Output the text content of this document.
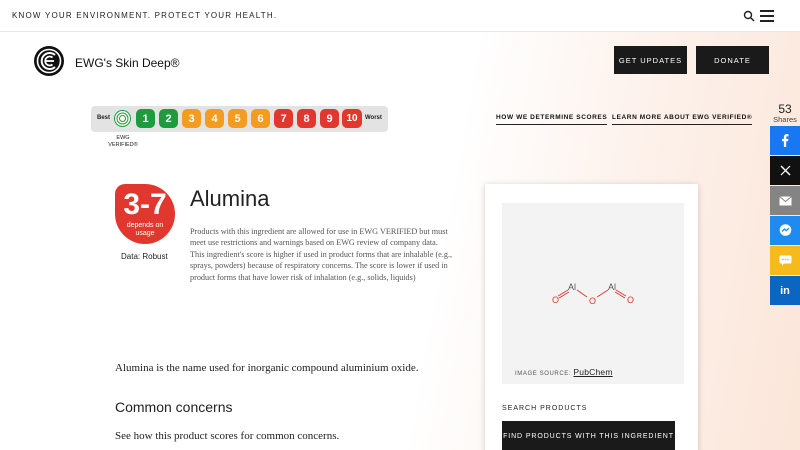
KNOW YOUR ENVIRONMENT. PROTECT YOUR HEALTH.
EWG's Skin Deep®	GET UPDATES	DONATE
Best	1	2	3	4	5	6	7	8	9	10	Worst
EWG VERIFIED®
HOW WE DETERMINE SCORES LEARN MORE ABOUT EWG VERIFIED®
3-7
depends on
usage
Data: Robust
Alumina

Products with this ingredient are allowed for use in EWG VERIFIED but must meet use restrictions and warnings based on EWG review of company data.

This ingredient's score is higher if used in product forms that are inhalable (e.g., sprays, powders) because of respiratory concerns. The score is lower if used in product forms that have lower risk of inhalation (e.g., solids, liquids)

Alumina is the name used for inorganic compound aluminium oxide.

Common concerns

See how this product scores for common concerns.

O
Al
O
Al
O
IMAGE SOURCE: PubChem
SEARCH PRODUCTS
FIND PRODUCTS WITH THIS INGREDIENT
53
Shares
in
